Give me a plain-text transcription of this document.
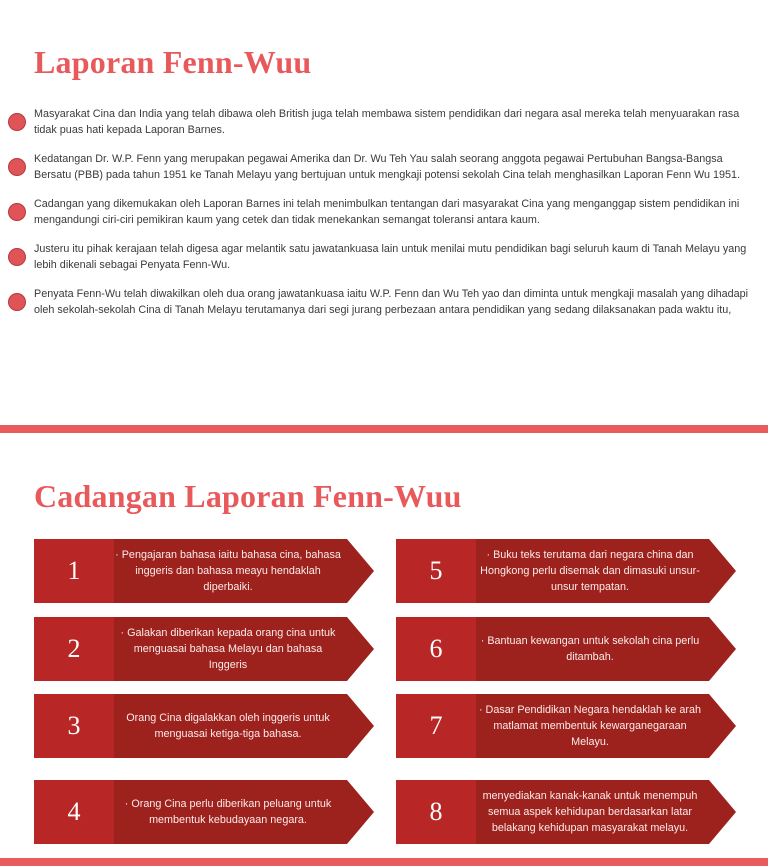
Laporan Fenn-Wuu
Masyarakat Cina dan India yang telah dibawa oleh British juga telah membawa sistem pendidikan dari negara asal mereka telah menyuarakan rasa tidak puas hati kepada Laporan Barnes.
Kedatangan Dr. W.P. Fenn yang merupakan pegawai Amerika dan Dr. Wu Teh Yau salah seorang anggota pegawai Pertubuhan Bangsa-Bangsa Bersatu (PBB) pada tahun 1951 ke Tanah Melayu yang bertujuan untuk mengkaji potensi sekolah Cina telah menghasilkan Laporan Fenn Wu 1951.
Cadangan yang dikemukakan oleh Laporan Barnes ini telah menimbulkan tentangan dari masyarakat Cina yang menganggap sistem pendidikan ini mengandungi ciri-ciri pemikiran kaum yang cetek dan tidak menekankan semangat toleransi antara kaum.
Justeru itu pihak kerajaan telah digesa agar melantik satu jawatankuasa lain untuk menilai mutu pendidikan bagi seluruh kaum di Tanah Melayu yang lebih dikenali sebagai Penyata Fenn-Wu.
Penyata Fenn-Wu telah diwakilkan oleh dua orang jawatankuasa iaitu W.P. Fenn dan Wu Teh yao dan diminta untuk mengkaji masalah yang dihadapi oleh sekolah-sekolah Cina di Tanah Melayu terutamanya dari segi jurang perbezaan antara pendidikan yang sedang dilaksanakan pada waktu itu,
Cadangan Laporan Fenn-Wuu
1
· Pengajaran bahasa iaitu bahasa cina, bahasa inggeris dan bahasa meayu hendaklah diperbaiki.
2
· Galakan diberikan kepada orang cina untuk menguasai bahasa Melayu dan bahasa Inggeris
3	Orang Cina digalakkan oleh inggeris untuk menguasai ketiga-tiga bahasa.
4	· Orang Cina perlu diberikan peluang untuk membentuk kebudayaan negara.
5
· Buku teks terutama dari negara china dan Hongkong perlu disemak dan dimasuki unsur-unsur tempatan.
6	· Bantuan kewangan untuk sekolah cina perlu ditambah.
7
· Dasar Pendidikan Negara hendaklah ke arah matlamat membentuk kewarganegaraan Melayu.
8
menyediakan kanak-kanak untuk menempuh semua aspek kehidupan berdasarkan latar belakang kehidupan masyarakat melayu.
